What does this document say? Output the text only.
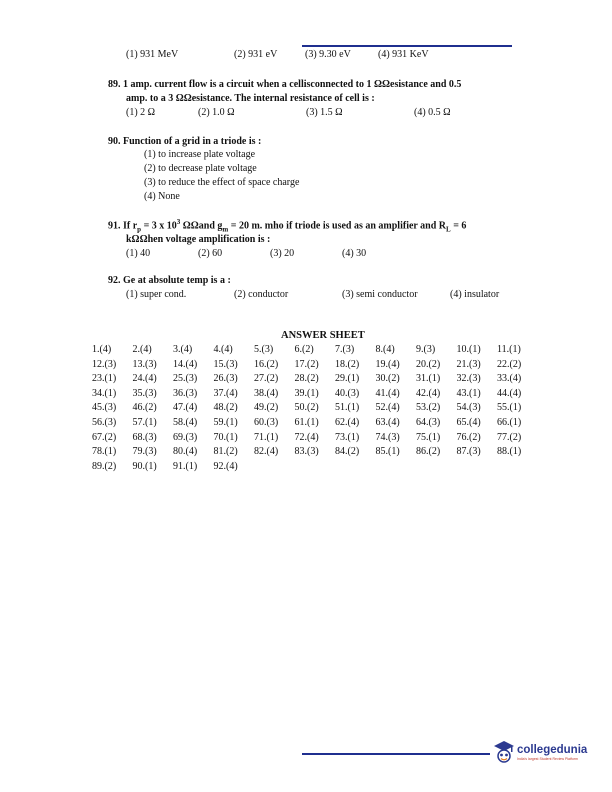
(1) 931 MeV	(2) 931 eV	(3) 9.30 eV	(4) 931 KeV
89. 1 amp. current flow is a circuit when a cellisconnected to 1 ΩΩesistance and 0.5
amp. to a 3 ΩΩesistance. The internal resistance of cell is :
(1) 2 Ω	(2) 1.0 Ω	(3) 1.5 Ω	(4) 0.5 Ω
90. Function of a grid in a triode is :
(1) to increase plate voltage
(2) to decrease plate voltage
(3) to reduce the effect of space charge
(4) None
91. If $r_p = 3$ x $10^3$ ΩΩand $g_m = 20$ m. mho if triode is used as an amplifier and $R_L = 6$
kΩΩhen voltage amplification is :
(1) 40	(2) 60	(3) 20	(4) 30
92. Ge at absolute temp is a :
(1) super cond.	(2) conductor	(3) semi conductor	(4) insulator
ANSWER SHEET
1.(4)	2.(4)	3.(4)	4.(4)	5.(3)	6.(2)	7.(3)	8.(4)	9.(3)	10.(1)	11.(1)
12.(3)	13.(3)	14.(4)	15.(3)	16.(2)	17.(2)	18.(2)	19.(4)	20.(2)	21.(3)	22.(2)
23.(1)	24.(4)	25.(3)	26.(3)	27.(2)	28.(2)	29.(1)	30.(2)	31.(1)	32.(3)	33.(4)
34.(1)	35.(3)	36.(3)	37.(4)	38.(4)	39.(1)	40.(3)	41.(4)	42.(4)	43.(1)	44.(4)
45.(3)	46.(2)	47.(4)	48.(2)	49.(2)	50.(2)	51.(1)	52.(4)	53.(2)	54.(3)	55.(1)
56.(3)	57.(1)	58.(4)	59.(1)	60.(3)	61.(1)	62.(4)	63.(4)	64.(3)	65.(4)	66.(1)
67.(2)	68.(3)	69.(3)	70.(1)	71.(1)	72.(4)	73.(1)	74.(3)	75.(1)	76.(2)	77.(2)
78.(1)	79.(3)	80.(4)	81.(2)	82.(4)	83.(3)	84.(2)	85.(1)	86.(2)	87.(3)	88.(1)
89.(2)	90.(1)	91.(1)	92.(4)
collegedunia
India's largest Student Review Platform
